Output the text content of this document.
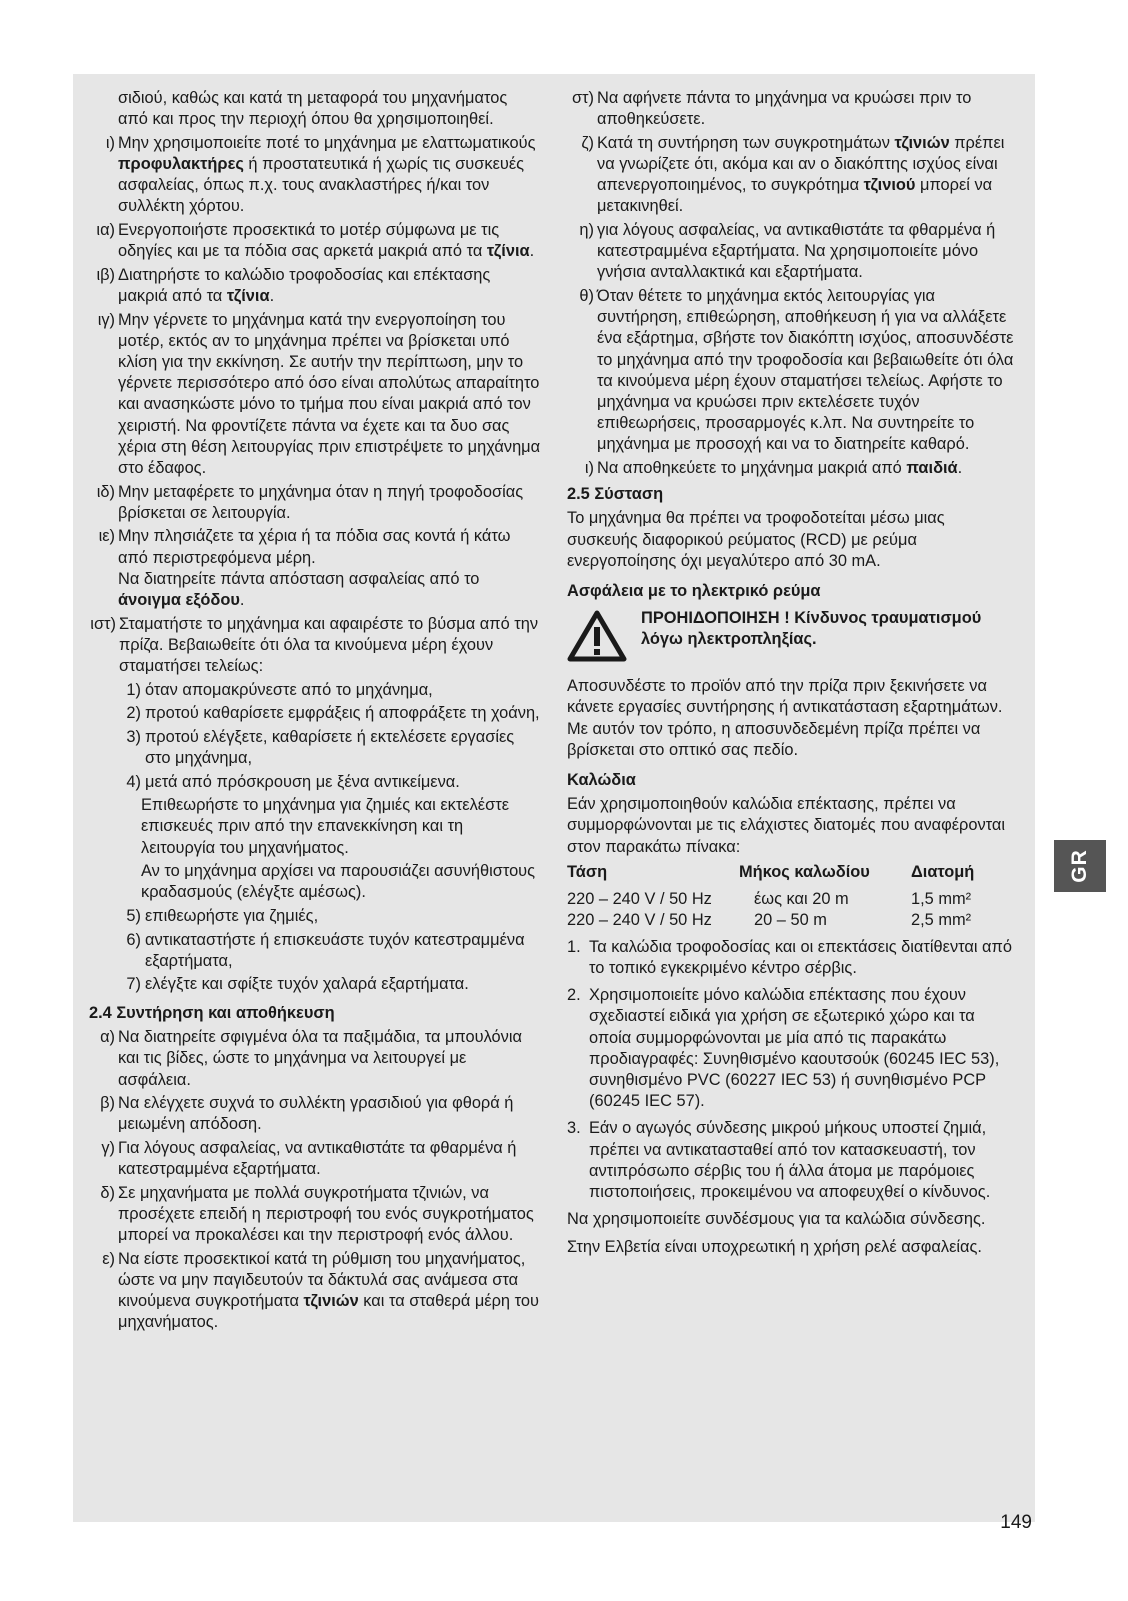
σιδιού, καθώς και κατά τη μεταφορά του μηχανήματος από και προς την περιοχή όπου θα χρησιμοποιηθεί.
ι) Μην χρησιμοποιείτε ποτέ το μηχάνημα με ελαττωματικούς προφυλακτήρες ή προστατευτικά ή χωρίς τις συσκευές ασφαλείας, όπως π.χ. τους ανακλαστήρες ή/και τον συλλέκτη χόρτου.
ια) Ενεργοποιήστε προσεκτικά το μοτέρ σύμφωνα με τις οδηγίες και με τα πόδια σας αρκετά μακριά από τα τζίνια.
ιβ) Διατηρήστε το καλώδιο τροφοδοσίας και επέκτασης μακριά από τα τζίνια.
ιγ) Μην γέρνετε το μηχάνημα κατά την ενεργοποίηση του μοτέρ, εκτός αν το μηχάνημα πρέπει να βρίσκεται υπό κλίση για την εκκίνηση. Σε αυτήν την περίπτωση, μην το γέρνετε περισσότερο από όσο είναι απολύτως απαραίτητο και ανασηκώστε μόνο το τμήμα που είναι μακριά από τον χειριστή. Να φροντίζετε πάντα να έχετε και τα δυο σας χέρια στη θέση λειτουργίας πριν επιστρέψετε το μηχάνημα στο έδαφος.
ιδ) Μην μεταφέρετε το μηχάνημα όταν η πηγή τροφοδοσίας βρίσκεται σε λειτουργία.
ιε) Μην πλησιάζετε τα χέρια ή τα πόδια σας κοντά ή κάτω από περιστρεφόμενα μέρη.
Να διατηρείτε πάντα απόσταση ασφαλείας από το άνοιγμα εξόδου.
ιστ) Σταματήστε το μηχάνημα και αφαιρέστε το βύσμα από την πρίζα. Βεβαιωθείτε ότι όλα τα κινούμενα μέρη έχουν σταματήσει τελείως:
1) όταν απομακρύνεστε από το μηχάνημα,
2) προτού καθαρίσετε εμφράξεις ή αποφράξετε τη χοάνη,
3) προτού ελέγξετε, καθαρίσετε ή εκτελέσετε εργασίες στο μηχάνημα,
4) μετά από πρόσκρουση με ξένα αντικείμενα.
Επιθεωρήστε το μηχάνημα για ζημιές και εκτελέστε επισκευές πριν από την επανεκκίνηση και τη λειτουργία του μηχανήματος.
Αν το μηχάνημα αρχίσει να παρουσιάζει ασυνήθιστους κραδασμούς (ελέγξτε αμέσως).
5) επιθεωρήστε για ζημιές,
6) αντικαταστήστε ή επισκευάστε τυχόν κατεστραμμένα εξαρτήματα,
7) ελέγξτε και σφίξτε τυχόν χαλαρά εξαρτήματα.
2.4 Συντήρηση και αποθήκευση
α) Να διατηρείτε σφιγμένα όλα τα παξιμάδια, τα μπουλόνια και τις βίδες, ώστε το μηχάνημα να λειτουργεί με ασφάλεια.
β) Να ελέγχετε συχνά το συλλέκτη γρασιδιού για φθορά ή μειωμένη απόδοση.
γ) Για λόγους ασφαλείας, να αντικαθιστάτε τα φθαρμένα ή κατεστραμμένα εξαρτήματα.
δ) Σε μηχανήματα με πολλά συγκροτήματα τζινιών, να προσέχετε επειδή η περιστροφή του ενός συγκροτήματος μπορεί να προκαλέσει και την περιστροφή ενός άλλου.
ε) Να είστε προσεκτικοί κατά τη ρύθμιση του μηχανήματος, ώστε να μην παγιδευτούν τα δάκτυλά σας ανάμεσα στα κινούμενα συγκροτήματα τζινιών και τα σταθερά μέρη του μηχανήματος.
στ) Να αφήνετε πάντα το μηχάνημα να κρυώσει πριν το αποθηκεύσετε.
ζ) Κατά τη συντήρηση των συγκροτημάτων τζινιών πρέπει να γνωρίζετε ότι, ακόμα και αν ο διακόπτης ισχύος είναι απενεργοποιημένος, το συγκρότημα τζινιού μπορεί να μετακινηθεί.
η) για λόγους ασφαλείας, να αντικαθιστάτε τα φθαρμένα ή κατεστραμμένα εξαρτήματα. Να χρησιμοποιείτε μόνο γνήσια ανταλλακτικά και εξαρτήματα.
θ) Όταν θέτετε το μηχάνημα εκτός λειτουργίας για συντήρηση, επιθεώρηση, αποθήκευση ή για να αλλάξετε ένα εξάρτημα, σβήστε τον διακόπτη ισχύος, αποσυνδέστε το μηχάνημα από την τροφοδοσία και βεβαιωθείτε ότι όλα τα κινούμενα μέρη έχουν σταματήσει τελείως. Αφήστε το μηχάνημα να κρυώσει πριν εκτελέσετε τυχόν επιθεωρήσεις, προσαρμογές κ.λπ. Να συντηρείτε το μηχάνημα με προσοχή και να το διατηρείτε καθαρό.
ι) Να αποθηκεύετε το μηχάνημα μακριά από παιδιά.
2.5 Σύσταση
Το μηχάνημα θα πρέπει να τροφοδοτείται μέσω μιας συσκευής διαφορικού ρεύματος (RCD) με ρεύμα ενεργοποίησης όχι μεγαλύτερο από 30 mA.
Ασφάλεια με το ηλεκτρικό ρεύμα
ΠΡΟΗΙΔΟΠΟΙΗΣΗ ! Κίνδυνος τραυματισμού λόγω ηλεκτροπληξίας.
Αποσυνδέστε το προϊόν από την πρίζα πριν ξεκινήσετε να κάνετε εργασίες συντήρησης ή αντικατάσταση εξαρτημάτων. Με αυτόν τον τρόπο, η αποσυνδεδεμένη πρίζα πρέπει να βρίσκεται στο οπτικό σας πεδίο.
Καλώδια
Εάν χρησιμοποιηθούν καλώδια επέκτασης, πρέπει να συμμορφώνονται με τις ελάχιστες διατομές που αναφέρονται στον παρακάτω πίνακα:
Τάση	Μήκος καλωδίου	Διατομή
220 – 240 V / 50 Hz	έως και 20 m	1,5 mm²
220 – 240 V / 50 Hz	20 – 50 m	2,5 mm²
1. Τα καλώδια τροφοδοσίας και οι επεκτάσεις διατίθενται από το τοπικό εγκεκριμένο κέντρο σέρβις.
2. Χρησιμοποιείτε μόνο καλώδια επέκτασης που έχουν σχεδιαστεί ειδικά για χρήση σε εξωτερικό χώρο και τα οποία συμμορφώνονται με μία από τις παρακάτω προδιαγραφές: Συνηθισμένο καουτσούκ (60245 IEC 53), συνηθισμένο PVC (60227 IEC 53) ή συνηθισμένο PCP (60245 IEC 57).
3. Εάν ο αγωγός σύνδεσης μικρού μήκους υποστεί ζημιά, πρέπει να αντικατασταθεί από τον κατασκευαστή, τον αντιπρόσωπο σέρβις του ή άλλα άτομα με παρόμοιες πιστοποιήσεις, προκειμένου να αποφευχθεί ο κίνδυνος.
Να χρησιμοποιείτε συνδέσμους για τα καλώδια σύνδεσης.
Στην Ελβετία είναι υποχρεωτική η χρήση ρελέ ασφαλείας.
GR
149
